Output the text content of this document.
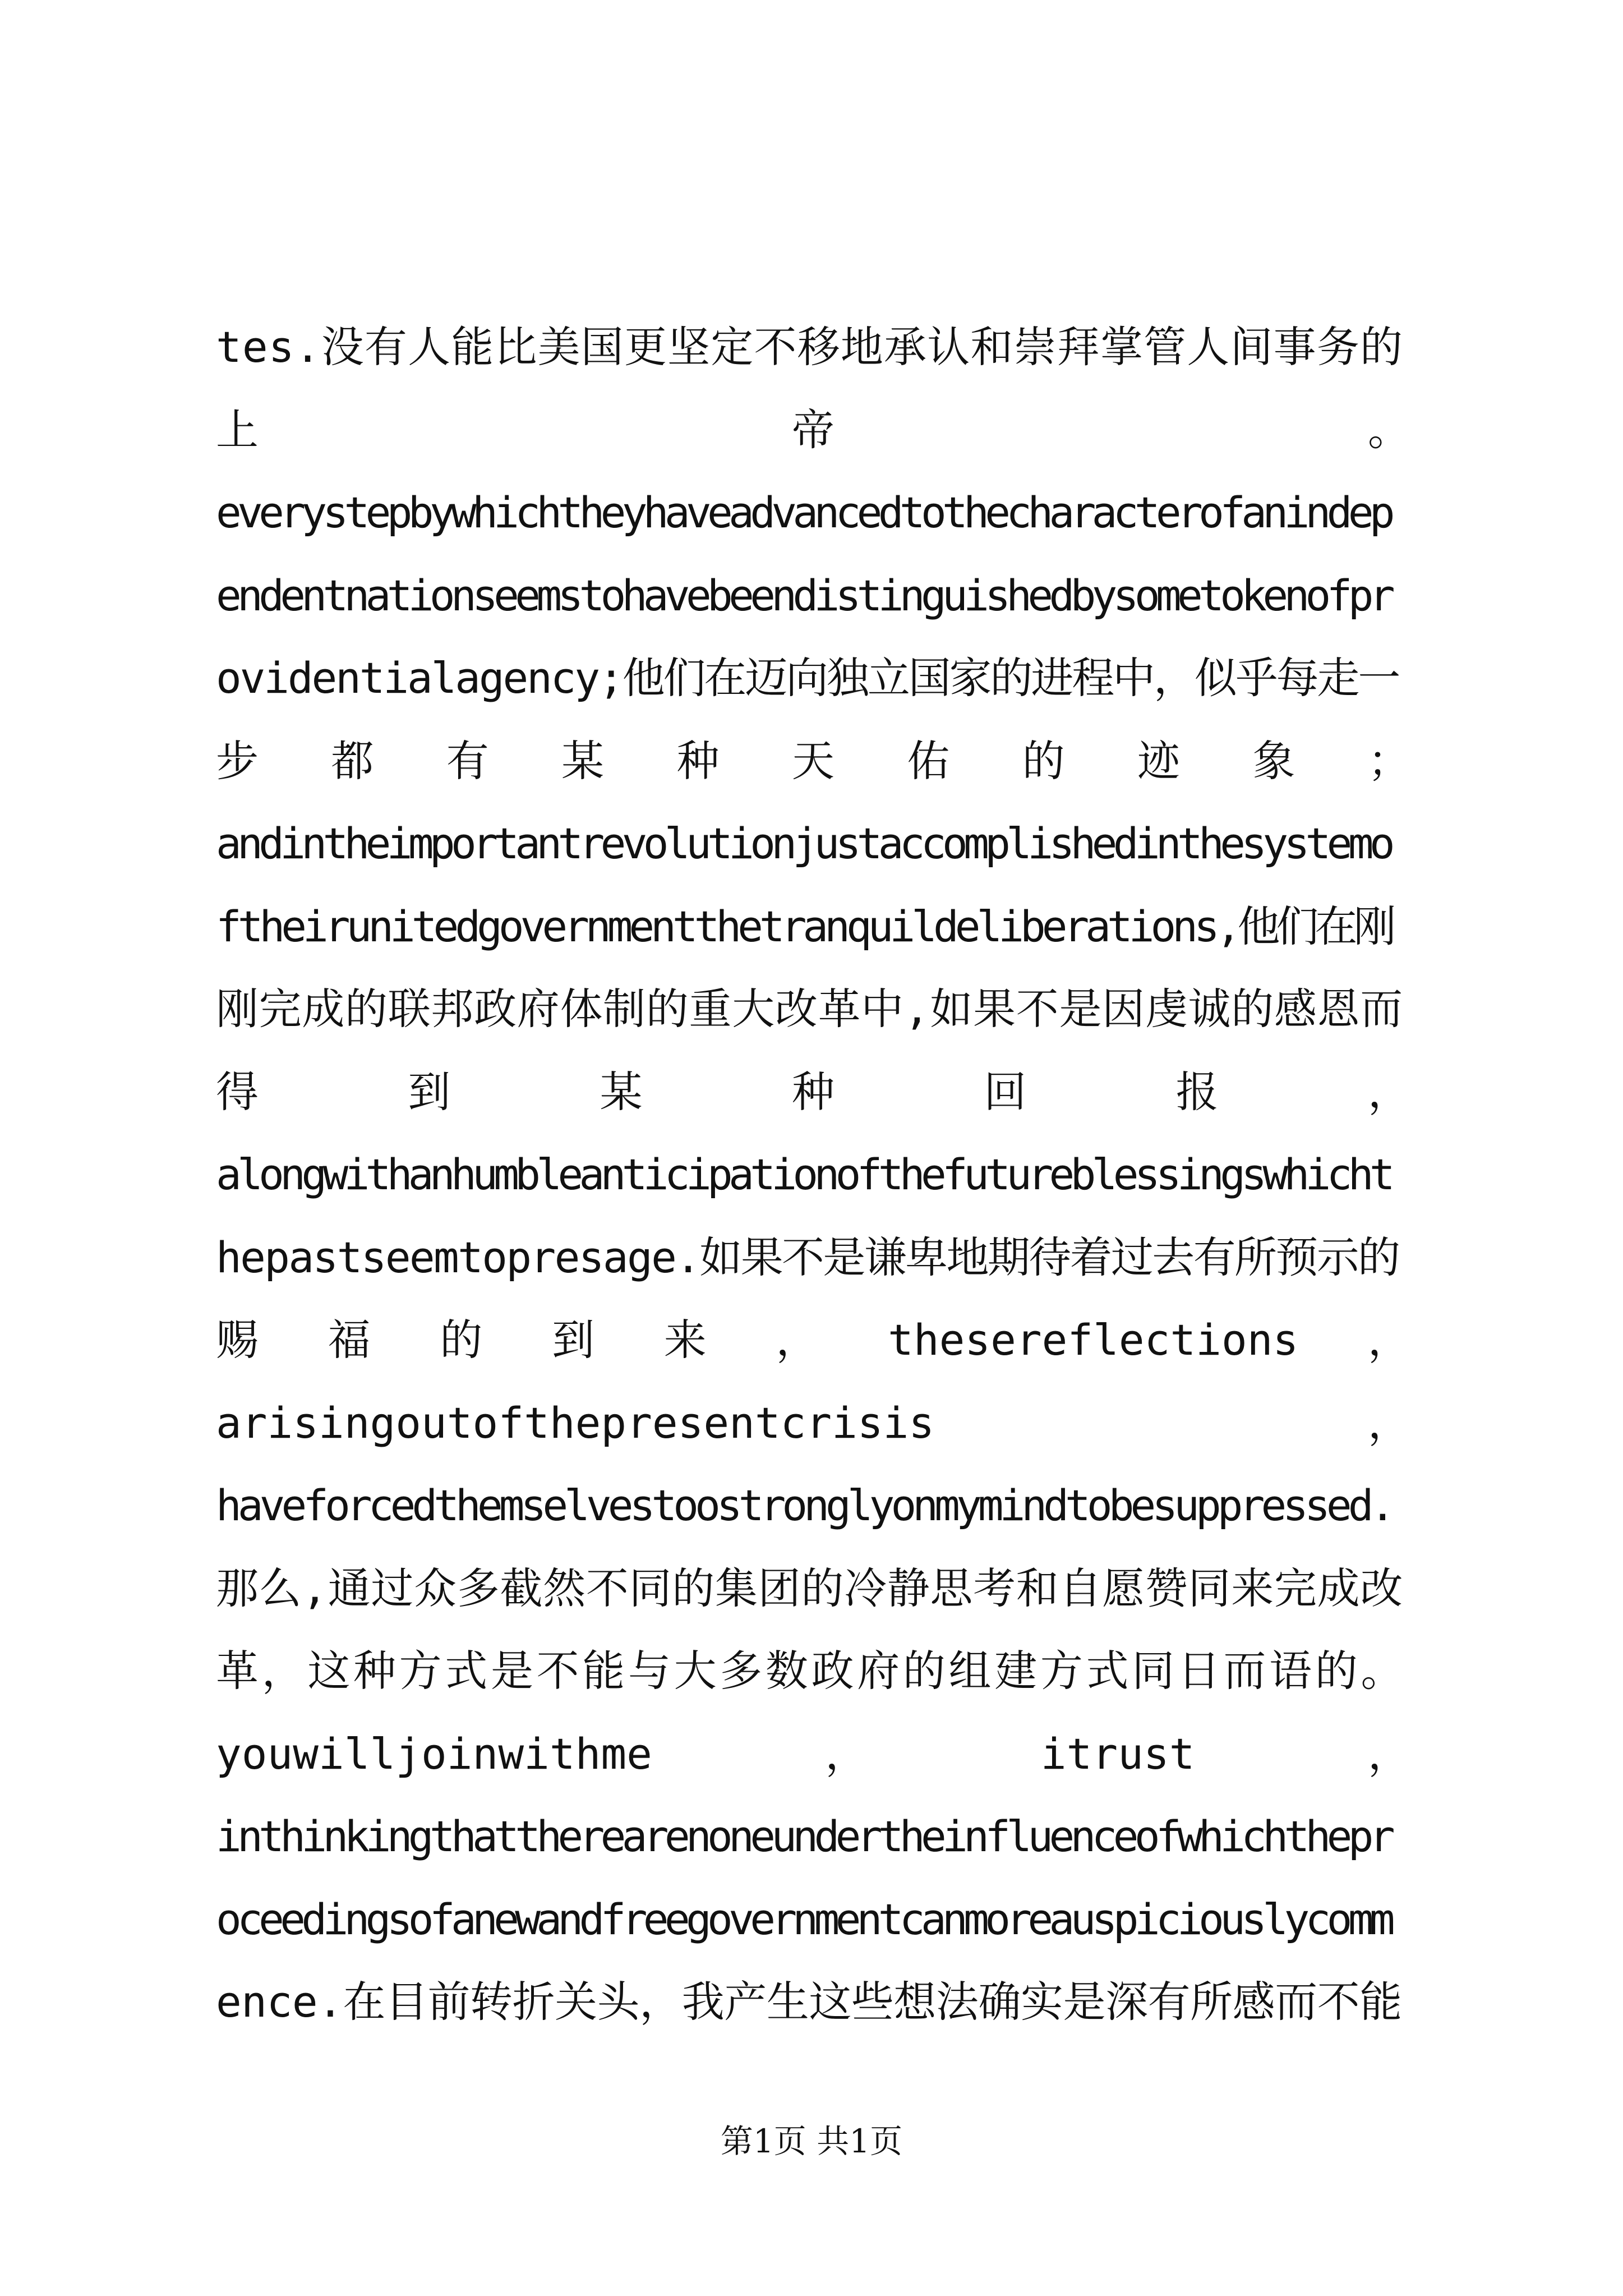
tes.没有人能比美国更坚定不移地承认和崇拜掌管人间事务的
上	帝	。
everystepbywhichtheyhaveadvancedtothecharacterofanindep
endentnationseemstohavebeendistinguishedbysometokenofpr
ovidentialagency;他们在迈向独立国家的进程中，似乎每走一
步 都 有 某 种 天 佑 的 迹 象 ；
andintheimportantrevolutionjustaccomplishedinthesystemo
ftheirunitedgovernmentthetranquildeliberations,他们在刚
刚完成的联邦政府体制的重大改革中,如果不是因虔诚的感恩而
得	到	某	种	回	报	，
alongwithanhumbleanticipationofthefutureblessingswhicht
hepastseemtopresage.如果不是谦卑地期待着过去有所预示的
赐 福 的 到 来 ， thesereflections ，
arisingoutofthepresentcrisis	，
haveforcedthemselvestoostronglyonmymindtobesuppressed.
那么,通过众多截然不同的集团的冷静思考和自愿赞同来完成改
革，这种方式是不能与大多数政府的组建方式同日而语的。
youwilljoinwithme	，	itrust	，
inthinkingthattherearenoneundertheinfluenceofwhichthepr
oceedingsofanewandfreegovernmentcanmoreauspiciouslycomm
ence.在目前转折关头，我产生这些想法确实是深有所感而不能
第1页 共1页
